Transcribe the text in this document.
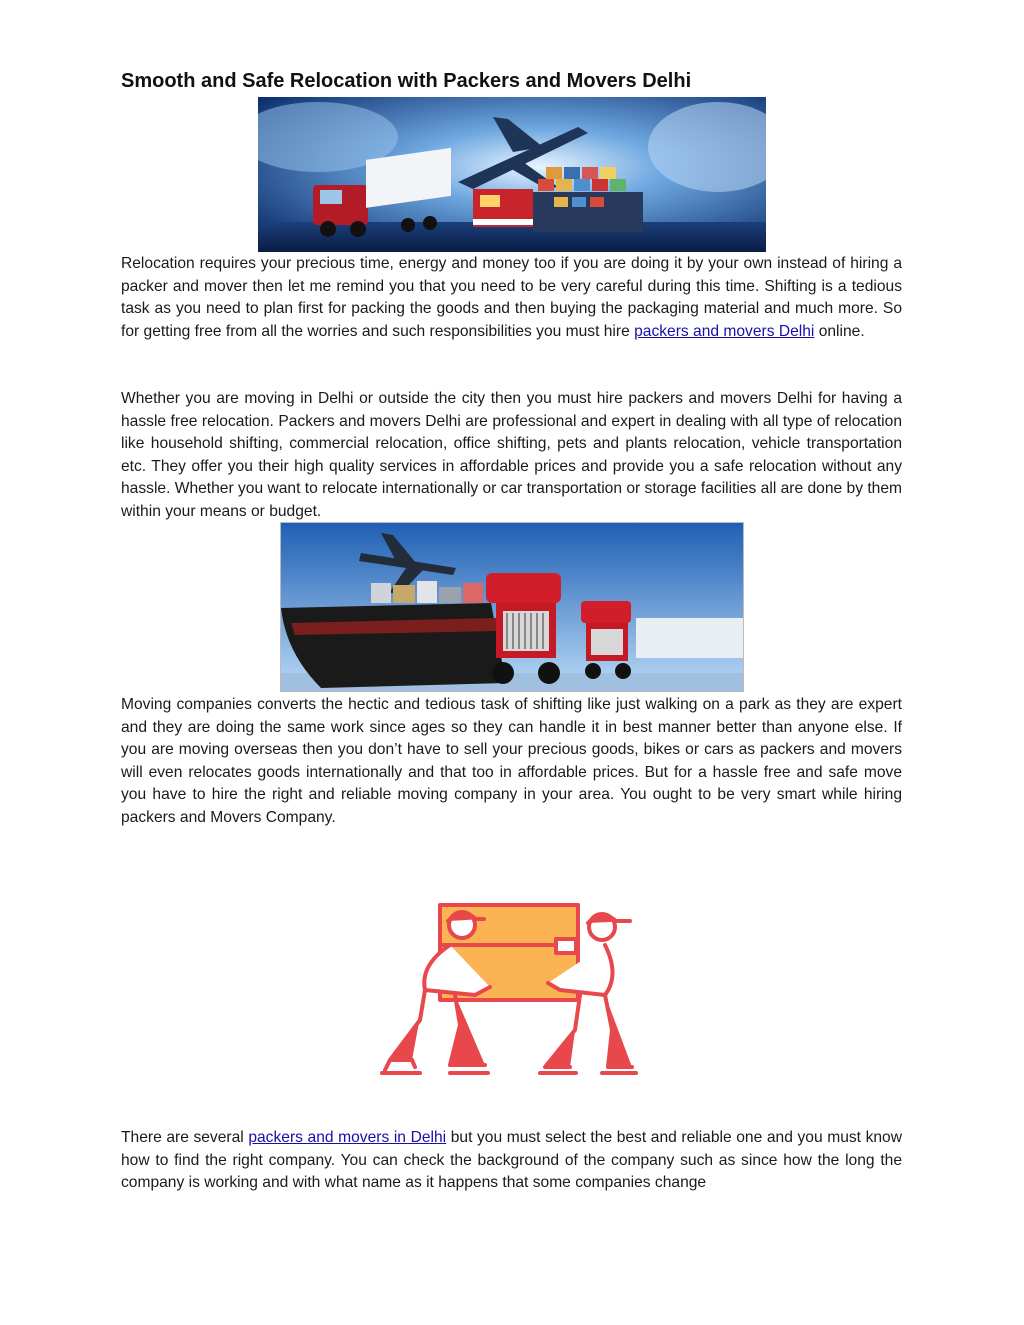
Smooth and Safe Relocation with Packers and Movers Delhi

Relocation requires your precious time, energy and money too if you are doing it by your own instead of hiring a packer and mover then let me remind you that you need to be very careful during this time. Shifting is a tedious task as you need to plan first for packing the goods and then buying the packaging material and much more. So for getting free from all the worries and such responsibilities you must hire packers and movers Delhi online.

Whether you are moving in Delhi or outside the city then you must hire packers and movers Delhi for having a hassle free relocation. Packers and movers Delhi are professional and expert in dealing with all type of relocation like household shifting, commercial relocation, office shifting, pets and plants relocation, vehicle transportation etc. They offer you their high quality services in affordable prices and provide you a safe relocation without any hassle. Whether you want to relocate internationally or car transportation or storage facilities all are done by them within your means or budget.

Moving companies converts the hectic and tedious task of shifting like just walking on a park as they are expert and they are doing the same work since ages so they can handle it in best manner better than anyone else. If you are moving overseas then you don’t have to sell your precious goods, bikes or cars as packers and movers will even relocates goods internationally and that too in affordable prices. But for a hassle free and safe move you have to hire the right and reliable moving company in your area. You ought to be very smart while hiring packers and Movers Company.

There are several packers and movers in Delhi but you must select the best and reliable one and you must know how to find the right company. You can check the background of the company such as since how the long the company is working and with what name as it happens that some companies change
